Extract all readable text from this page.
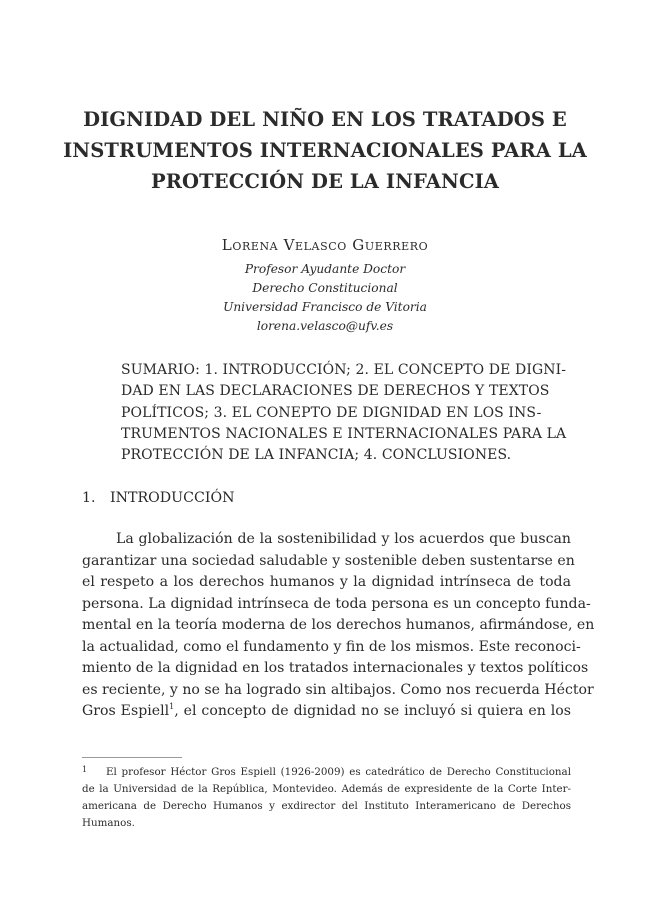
DIGNIDAD DEL NIÑO EN LOS TRATADOS E
INSTRUMENTOS INTERNACIONALES PARA LA
PROTECCIÓN DE LA INFANCIA
Lorena Velasco Guerrero
Profesor Ayudante Doctor
Derecho Constitucional
Universidad Francisco de Vitoria
lorena.velasco@ufv.es
SUMARIO: 1. INTRODUCCIÓN; 2. EL CONCEPTO DE DIGNI-
DAD EN LAS DECLARACIONES DE DERECHOS Y TEXTOS
POLÍTICOS; 3. EL CONEPTO DE DIGNIDAD EN LOS INS-
TRUMENTOS NACIONALES E INTERNACIONALES PARA LA
PROTECCIÓN DE LA INFANCIA; 4. CONCLUSIONES.
1. INTRODUCCIÓN
La globalización de la sostenibilidad y los acuerdos que buscan
garantizar una sociedad saludable y sostenible deben sustentarse en
el respeto a los derechos humanos y la dignidad intrínseca de toda
persona. La dignidad intrínseca de toda persona es un concepto funda-
mental en la teoría moderna de los derechos humanos, afirmándose, en
la actualidad, como el fundamento y fin de los mismos. Este reconoci-
miento de la dignidad en los tratados internacionales y textos políticos
es reciente, y no se ha logrado sin altibajos. Como nos recuerda Héctor
Gros Espiell$^1$, el concepto de dignidad no se incluyó si quiera en los
1 El profesor Héctor Gros Espiell (1926-2009) es catedrático de Derecho Constitucional
de la Universidad de la República, Montevideo. Además de expresidente de la Corte Inter-
americana de Derecho Humanos y exdirector del Instituto Interamericano de Derechos
Humanos.
